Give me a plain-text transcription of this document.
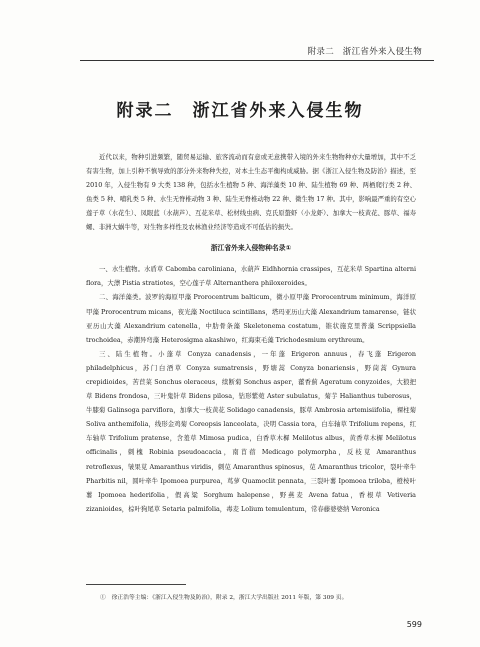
附录二　浙江省外来入侵生物
附录二　浙江省外来入侵生物

近代以来，物种引进频繁，随贸易运输、旅客流动而有意或无意携带入境的外来生物物种亦大量增加，其中不乏有害生物，加上引种不慎导致的部分外来物种失控，对本土生态平衡构成威胁。据《浙江入侵生物及防治》描述，至 2010 年，入侵生物有 9 大类 138 种，包括水生植物 5 种、海洋藻类 10 种、陆生植物 69 种、两栖爬行类 2 种、鱼类 5 种、哺乳类 5 种、水生无脊椎动物 3 种、陆生无脊椎动物 22 种、微生物 17 种。其中，影响最严重的有空心莲子草（水花生）、凤眼蓝（水葫芦）、互花米草、松材线虫病、克氏原螯虾（小龙虾）、加拿大一枝黄花、豚草、福寿螺、非洲大蜗牛等，对生物多样性及农林渔业经济等造成不可低估的损失。

浙江省外来入侵物种名录①

一、水生植物。水盾草 Cabomba caroliniana，水葫芦 Eidhhornia crassipes，互花米草 Spartina alterni flora，大薸 Pistia stratiotes，空心莲子草 Alternanthera philoxeroides。

二、海洋藻类。波罗的海原甲藻 Prorocentrum balticum，微小原甲藻 Prorocentrum minimum，海洋原甲藻 Prorocentrum micans，夜光藻 Noctiluca scintillans，塔玛亚历山大藻 Alexandrium tamarense，链状亚历山大藻 Alexandrium catenella，中肋骨条藻 Skeletonema costatum，锥状施克里普藻 Scrippsiella trochoidea，赤潮异弯藻 Heterosigma akashiwo，红海束毛藻 Trichodesmium erythreum。

三、陆生植物。小蓬草 Conyza canadensis，一年蓬 Erigeron annuus，春飞蓬 Erigeron philadelphicus，苏门白酒草 Conyza sumatrensis，野塘蒿 Conyza bonariensis，野茼蒿 Gynura crepidioides，苦苣菜 Sonchus oleraceus，续断菊 Sonchus asper，藿香蓟 Ageratum conyzoides，大狼把草 Bidens frondosa，三叶鬼针草 Bidens pilosa，钻形紫菀 Aster subulatus，菊芋 Halianthus tuberosus，牛膝菊 Galinsoga parviflora，加拿大一枝黄花 Solidago canadensis，豚草 Ambrosia artemisiifolia，裸柱菊 Soliva anthemifolia，线形金鸡菊 Coreopsis lanceolata，决明 Cassia tora，白车轴草 Trifolium repens，红车轴草 Trifolium pratense，含羞草 Mimosa pudica，白香草木樨 Melilotus albus，黄香草木樨 Melilotus officinalis，刺槐 Robinia pseudoacacia，南苜蓿 Medicago polymorpha，反枝苋 Amaranthus retroflexus，皱果苋 Amaranthus viridis，刺苋 Amaranthus spinosus，苋 Amaranthus tricolor，裂叶牵牛 Pharbitis nil，圆叶牵牛 Ipomoea purpurea，茑萝 Quamoclit pennata，三裂叶薯 Ipomoea triloba，橙桉叶薯 Ipomoea hederifolia，假高粱 Sorghum halepense，野燕麦 Avena fatua，香根草 Vetiveria zizanioides，棕叶狗尾草 Setaria palmifolia，毒麦 Lolium temulentum，常春藤婆婆纳 Veronica

①　徐正浩等主编：《浙江入侵生物及防治》，附录 2，浙江大学出版社 2011 年版，第 309 页。
599
